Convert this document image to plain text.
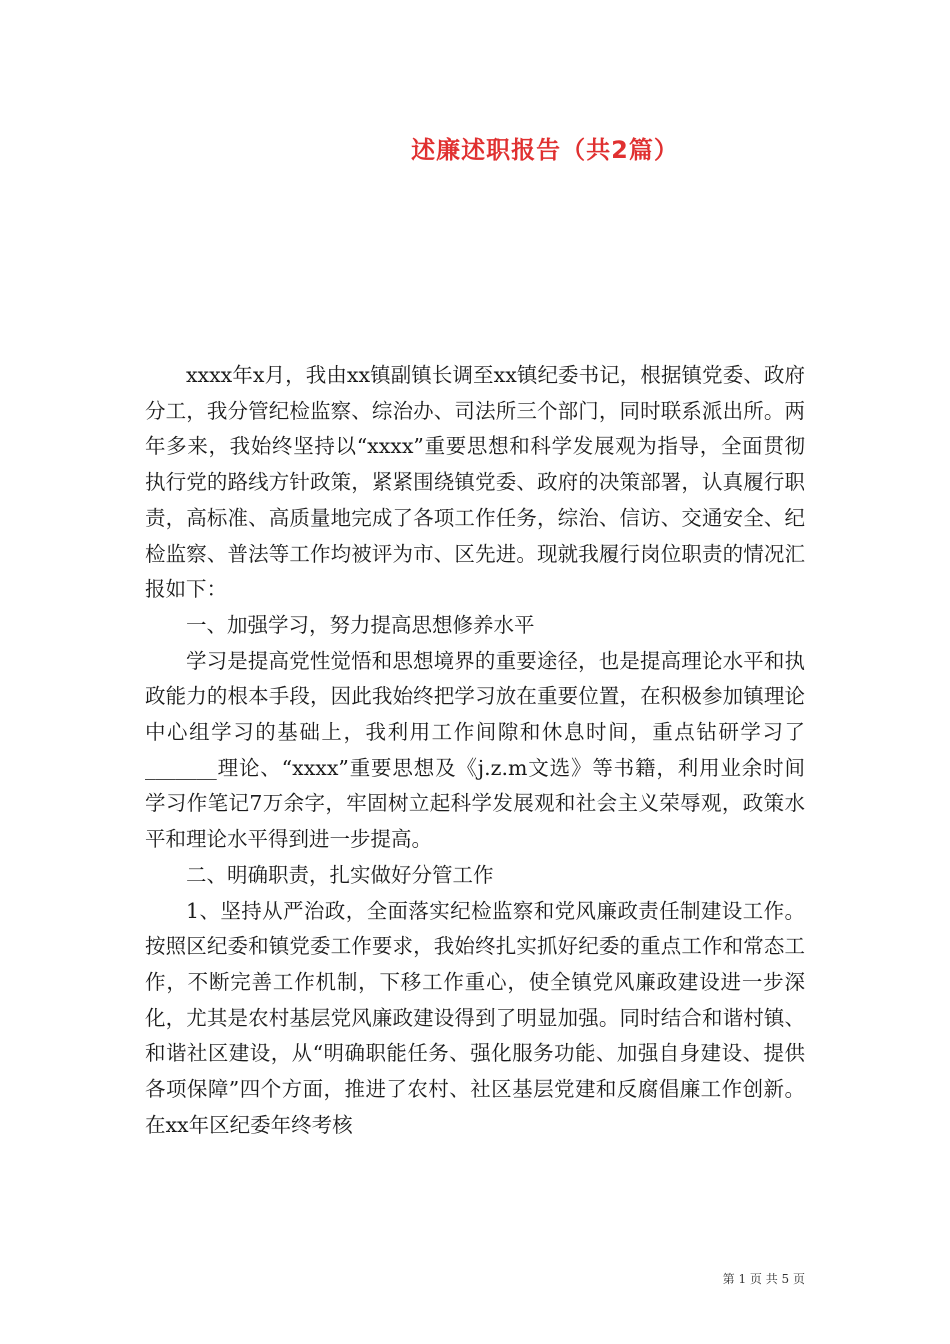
述廉述职报告（共2篇）

xxxx年x月，我由xx镇副镇长调至xx镇纪委书记，根据镇党委、政府分工，我分管纪检监察、综治办、司法所三个部门，同时联系派出所。两年多来，我始终坚持以“xxxx”重要思想和科学发展观为指导，全面贯彻执行党的路线方针政策，紧紧围绕镇党委、政府的决策部署，认真履行职责，高标准、高质量地完成了各项工作任务，综治、信访、交通安全、纪检监察、普法等工作均被评为市、区先进。现就我履行岗位职责的情况汇报如下：

一、加强学习，努力提高思想修养水平

学习是提高党性觉悟和思想境界的重要途径，也是提高理论水平和执政能力的根本手段，因此我始终把学习放在重要位置，在积极参加镇理论中心组学习的基础上，我利用工作间隙和休息时间，重点钻研学习了_______理论、“xxxx”重要思想及《j.z.m文选》等书籍，利用业余时间学习作笔记7万余字，牢固树立起科学发展观和社会主义荣辱观，政策水平和理论水平得到进一步提高。

二、明确职责，扎实做好分管工作

1、坚持从严治政，全面落实纪检监察和党风廉政责任制建设工作。按照区纪委和镇党委工作要求，我始终扎实抓好纪委的重点工作和常态工作，不断完善工作机制，下移工作重心，使全镇党风廉政建设进一步深化，尤其是农村基层党风廉政建设得到了明显加强。同时结合和谐村镇、和谐社区建设，从“明确职能任务、强化服务功能、加强自身建设、提供各项保障”四个方面，推进了农村、社区基层党建和反腐倡廉工作创新。在xx年区纪委年终考核

第 1 页 共 5 页
